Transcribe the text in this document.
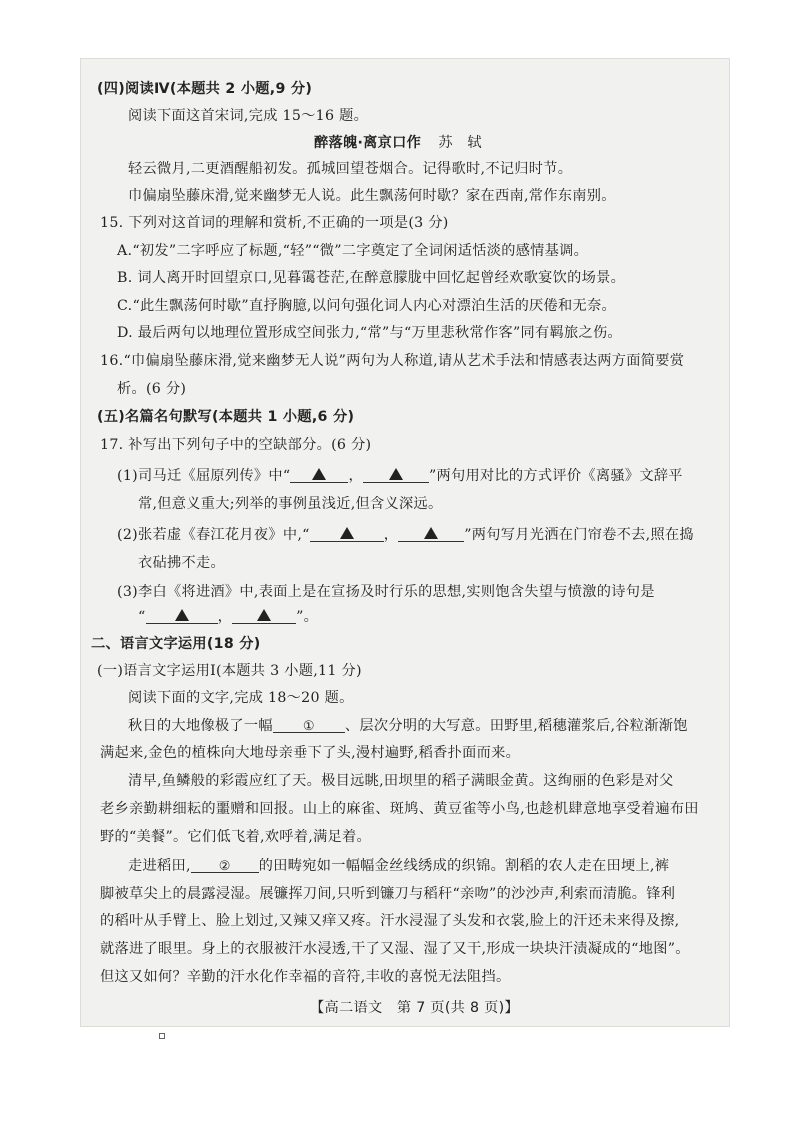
(四)阅读Ⅳ(本题共 2 小题,9 分)
阅读下面这首宋词,完成 15～16 题。
醉落魄·离京口作 苏　轼
轻云微月,二更酒醒船初发。孤城回望苍烟合。记得歌时,不记归时节。
巾偏扇坠藤床滑,觉来幽梦无人说。此生飘荡何时歇？家在西南,常作东南别。
15. 下列对这首词的理解和赏析,不正确的一项是(3 分)
A.“初发”二字呼应了标题,“轻”“微”二字奠定了全词闲适恬淡的感情基调。
B. 词人离开时回望京口,见暮霭苍茫,在醉意朦胧中回忆起曾经欢歌宴饮的场景。
C.“此生飘荡何时歇”直抒胸臆,以问句强化词人内心对漂泊生活的厌倦和无奈。
D. 最后两句以地理位置形成空间张力,“常”与“万里悲秋常作客”同有羁旅之伤。
16.“巾偏扇坠藤床滑,觉来幽梦无人说”两句为人称道,请从艺术手法和情感表达两方面简要赏
析。(6 分)
(五)名篇名句默写(本题共 1 小题,6 分)
17. 补写出下列句子中的空缺部分。(6 分)
(1)司马迁《屈原列传》中“	，	”两句用对比的方式评价《离骚》文辞平
常,但意义重大;列举的事例虽浅近,但含义深远。
(2)张若虚《春江花月夜》中,“	，	”两句写月光洒在门帘卷不去,照在捣
衣砧拂不走。
(3)李白《将进酒》中,表面上是在宣扬及时行乐的思想,实则饱含失望与愤激的诗句是
“	，	”。
二、语言文字运用(18 分)
(一)语言文字运用Ⅰ(本题共 3 小题,11 分)
阅读下面的文字,完成 18～20 题。
秋日的大地像极了一幅 ① 、层次分明的大写意。田野里,稻穗灌浆后,谷粒渐渐饱
满起来,金色的植株向大地母亲垂下了头,漫村遍野,稻香扑面而来。
清早,鱼鳞般的彩霞应红了天。极目远眺,田坝里的稻子满眼金黄。这绚丽的色彩是对父
老乡亲勤耕细耘的噩赠和回报。山上的麻雀、斑鸠、黄豆雀等小鸟,也趁机肆意地享受着遍布田
野的“美餐”。它们低飞着,欢呼着,满足着。
走进稻田, ② 的田畴宛如一幅幅金丝线绣成的织锦。割稻的农人走在田埂上,裤
脚被草尖上的晨露浸湿。展镰挥刀间,只听到镰刀与稻秆“亲吻”的沙沙声,利索而清脆。锋利
的稻叶从手臂上、脸上划过,又辣又痒又疼。汗水浸湿了头发和衣裳,脸上的汗还未来得及擦,
就落进了眼里。身上的衣服被汗水浸透,干了又湿、湿了又干,形成一块块汗渍凝成的“地图”。
但这又如何？辛勤的汗水化作幸福的音符,丰收的喜悦无法阻挡。
【高二语文　第 7 页(共 8 页)】
